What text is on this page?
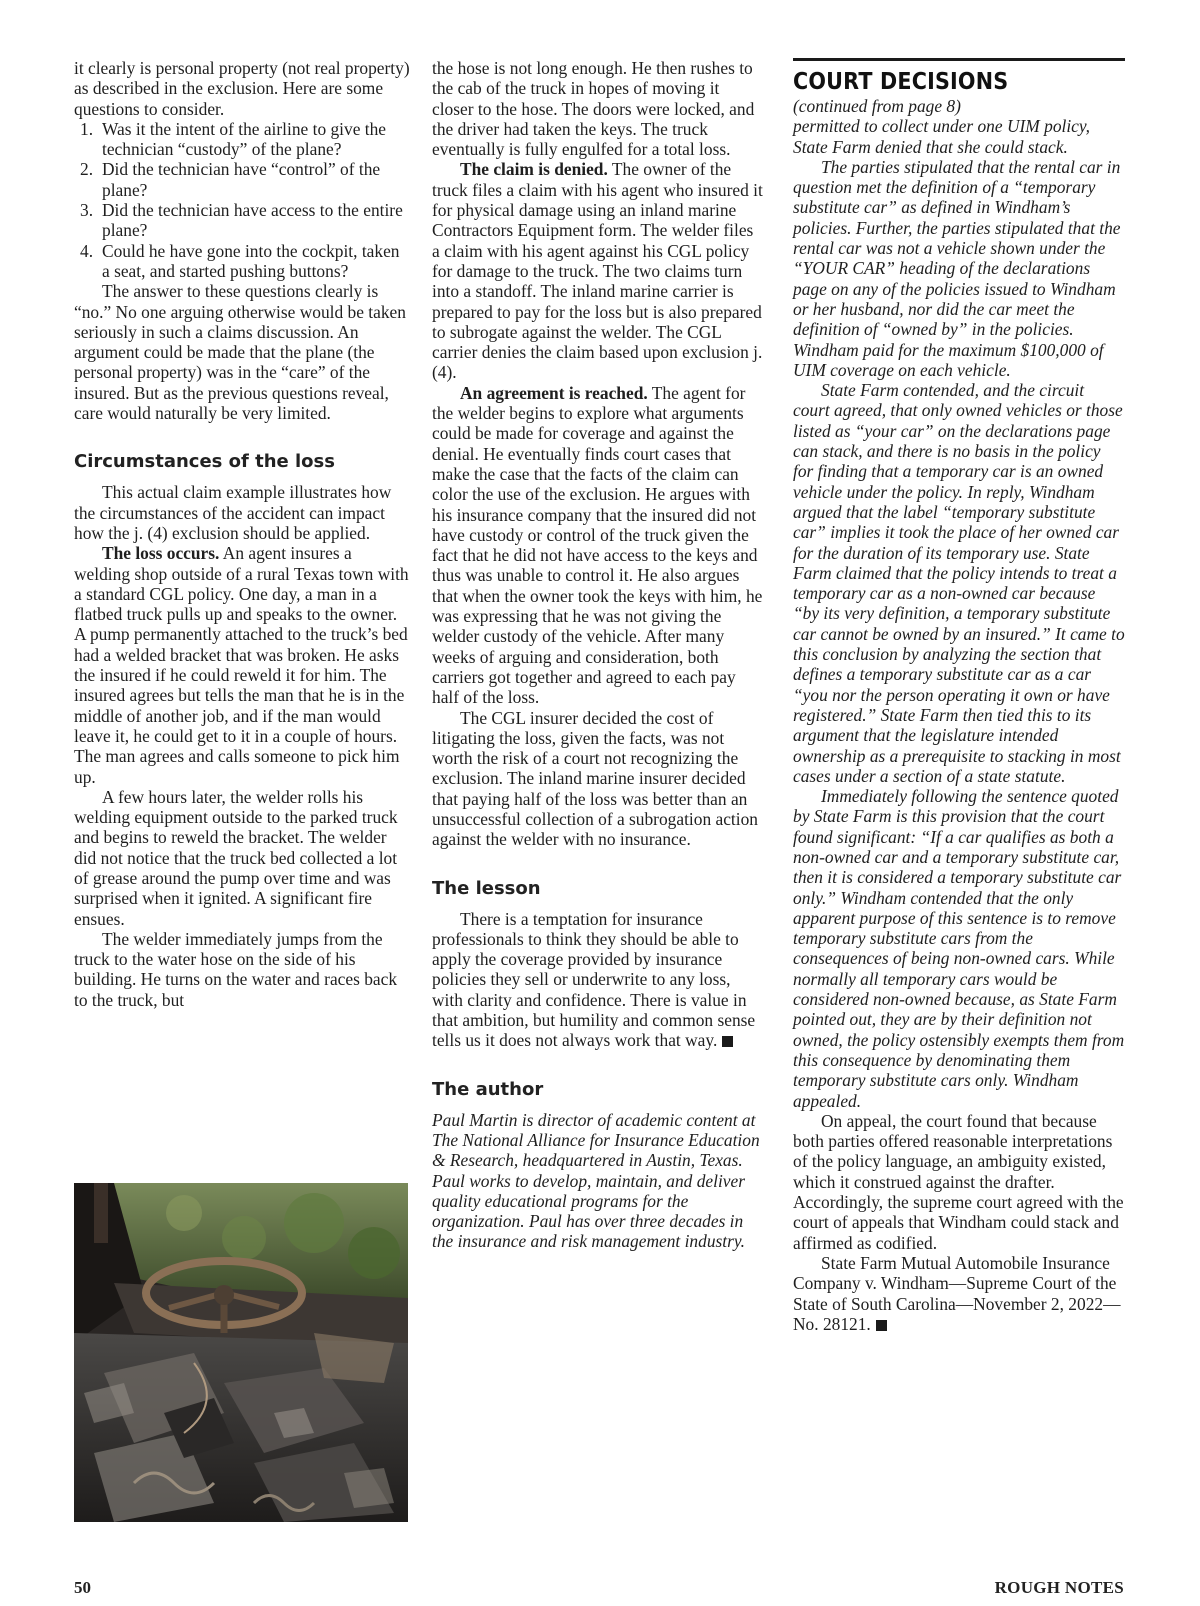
it clearly is personal property (not real property) as described in the exclusion. Here are some questions to consider.

1. Was it the intent of the airline to give the technician “custody” of the plane?
2. Did the technician have “control” of the plane?
3. Did the technician have access to the entire plane?
4. Could he have gone into the cockpit, taken a seat, and started pushing buttons?

The answer to these questions clearly is “no.” No one arguing otherwise would be taken seriously in such a claims discussion. An argument could be made that the plane (the personal property) was in the “care” of the insured. But as the previous questions reveal, care would naturally be very limited.

Circumstances of the loss

This actual claim example illustrates how the circumstances of the accident can impact how the j. (4) exclusion should be applied.

The loss occurs. An agent insures a welding shop outside of a rural Texas town with a standard CGL policy. One day, a man in a flatbed truck pulls up and speaks to the owner. A pump permanently attached to the truck’s bed had a welded bracket that was broken. He asks the insured if he could reweld it for him. The insured agrees but tells the man that he is in the middle of another job, and if the man would leave it, he could get to it in a couple of hours. The man agrees and calls someone to pick him up.

A few hours later, the welder rolls his welding equipment outside to the parked truck and begins to reweld the bracket. The welder did not notice that the truck bed collected a lot of grease around the pump over time and was surprised when it ignited. A significant fire ensues.

The welder immediately jumps from the truck to the water hose on the side of his building. He turns on the water and races back to the truck, but

the hose is not long enough. He then rushes to the cab of the truck in hopes of moving it closer to the hose. The doors were locked, and the driver had taken the keys. The truck eventually is fully engulfed for a total loss.

The claim is denied. The owner of the truck files a claim with his agent who insured it for physical damage using an inland marine Contractors Equipment form. The welder files a claim with his agent against his CGL policy for damage to the truck. The two claims turn into a standoff. The inland marine carrier is prepared to pay for the loss but is also prepared to subrogate against the welder. The CGL carrier denies the claim based upon exclusion j. (4).

An agreement is reached. The agent for the welder begins to explore what arguments could be made for coverage and against the denial. He eventually finds court cases that make the case that the facts of the claim can color the use of the exclusion. He argues with his insurance company that the insured did not have custody or control of the truck given the fact that he did not have access to the keys and thus was unable to control it. He also argues that when the owner took the keys with him, he was expressing that he was not giving the welder custody of the vehicle. After many weeks of arguing and consideration, both carriers got together and agreed to each pay half of the loss.

The CGL insurer decided the cost of litigating the loss, given the facts, was not worth the risk of a court not recognizing the exclusion. The inland marine insurer decided that paying half of the loss was better than an unsuccessful collection of a subrogation action against the welder with no insurance.

The lesson

There is a temptation for insurance professionals to think they should be able to apply the coverage provided by insurance policies they sell or underwrite to any loss, with clarity and confidence. There is value in that ambition, but humility and common sense tells us it does not always work that way.

The author

Paul Martin is director of academic content at The National Alliance for Insurance Education & Research, headquartered in Austin, Texas. Paul works to develop, maintain, and deliver quality educational programs for the organization. Paul has over three decades in the insurance and risk management industry.

COURT DECISIONS

(continued from page 8)

permitted to collect under one UIM policy, State Farm denied that she could stack.

The parties stipulated that the rental car in question met the definition of a “temporary substitute car” as defined in Windham’s policies. Further, the parties stipulated that the rental car was not a vehicle shown under the “YOUR CAR” heading of the declarations page on any of the policies issued to Windham or her husband, nor did the car meet the definition of “owned by” in the policies. Windham paid for the maximum $100,000 of UIM coverage on each vehicle.

State Farm contended, and the circuit court agreed, that only owned vehicles or those listed as “your car” on the declarations page can stack, and there is no basis in the policy for finding that a temporary car is an owned vehicle under the policy. In reply, Windham argued that the label “temporary substitute car” implies it took the place of her owned car for the duration of its temporary use. State Farm claimed that the policy intends to treat a temporary car as a non-owned car because “by its very definition, a temporary substitute car cannot be owned by an insured.” It came to this conclusion by analyzing the section that defines a temporary substitute car as a car “you nor the person operating it own or have registered.” State Farm then tied this to its argument that the legislature intended ownership as a prerequisite to stacking in most cases under a section of a state statute.

Immediately following the sentence quoted by State Farm is this provision that the court found significant: “If a car qualifies as both a non-owned car and a temporary substitute car, then it is considered a temporary substitute car only.” Windham contended that the only apparent purpose of this sentence is to remove temporary substitute cars from the consequences of being non-owned cars. While normally all temporary cars would be considered non-owned because, as State Farm pointed out, they are by their definition not owned, the policy ostensibly exempts them from this consequence by denominating them temporary substitute cars only. Windham appealed.

On appeal, the court found that because both parties offered reasonable interpretations of the policy language, an ambiguity existed, which it construed against the drafter. Accordingly, the supreme court agreed with the court of appeals that Windham could stack and affirmed as codified.

State Farm Mutual Automobile Insurance Company v. Windham—Supreme Court of the State of South Carolina—November 2, 2022—No. 28121.

50	ROUGH NOTES
